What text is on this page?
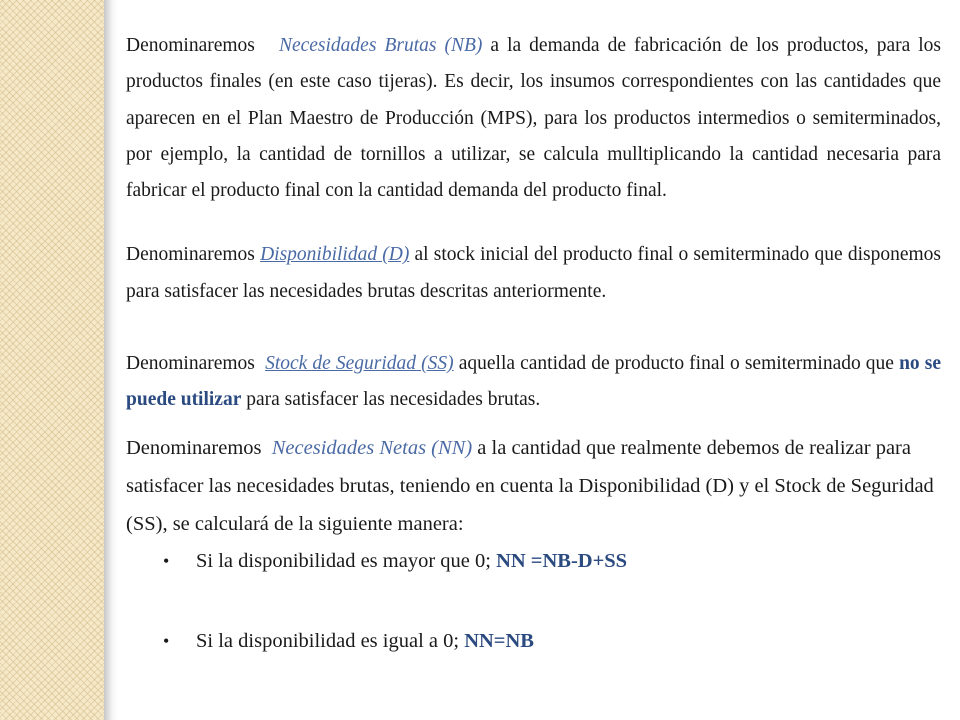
Denominaremos Necesidades Brutas (NB) a la demanda de fabricación de los productos, para los productos finales (en este caso tijeras). Es decir, los insumos correspondientes con las cantidades que aparecen en el Plan Maestro de Producción (MPS), para los productos intermedios o semiterminados, por ejemplo, la cantidad de tornillos a utilizar, se calcula mulltiplicando la cantidad necesaria para fabricar el producto final con la cantidad demanda del producto final.

Denominaremos Disponibilidad (D) al stock inicial del producto final o semiterminado que disponemos para satisfacer las necesidades brutas descritas anteriormente.

Denominaremos Stock de Seguridad (SS) aquella cantidad de producto final o semiterminado que no se puede utilizar para satisfacer las necesidades brutas.

Denominaremos Necesidades Netas (NN) a la cantidad que realmente debemos de realizar para satisfacer las necesidades brutas, teniendo en cuenta la Disponibilidad (D) y el Stock de Seguridad (SS), se calculará de la siguiente manera:

• Si la disponibilidad es mayor que 0; NN =NB-D+SS
• Si la disponibilidad es igual a 0; NN=NB
